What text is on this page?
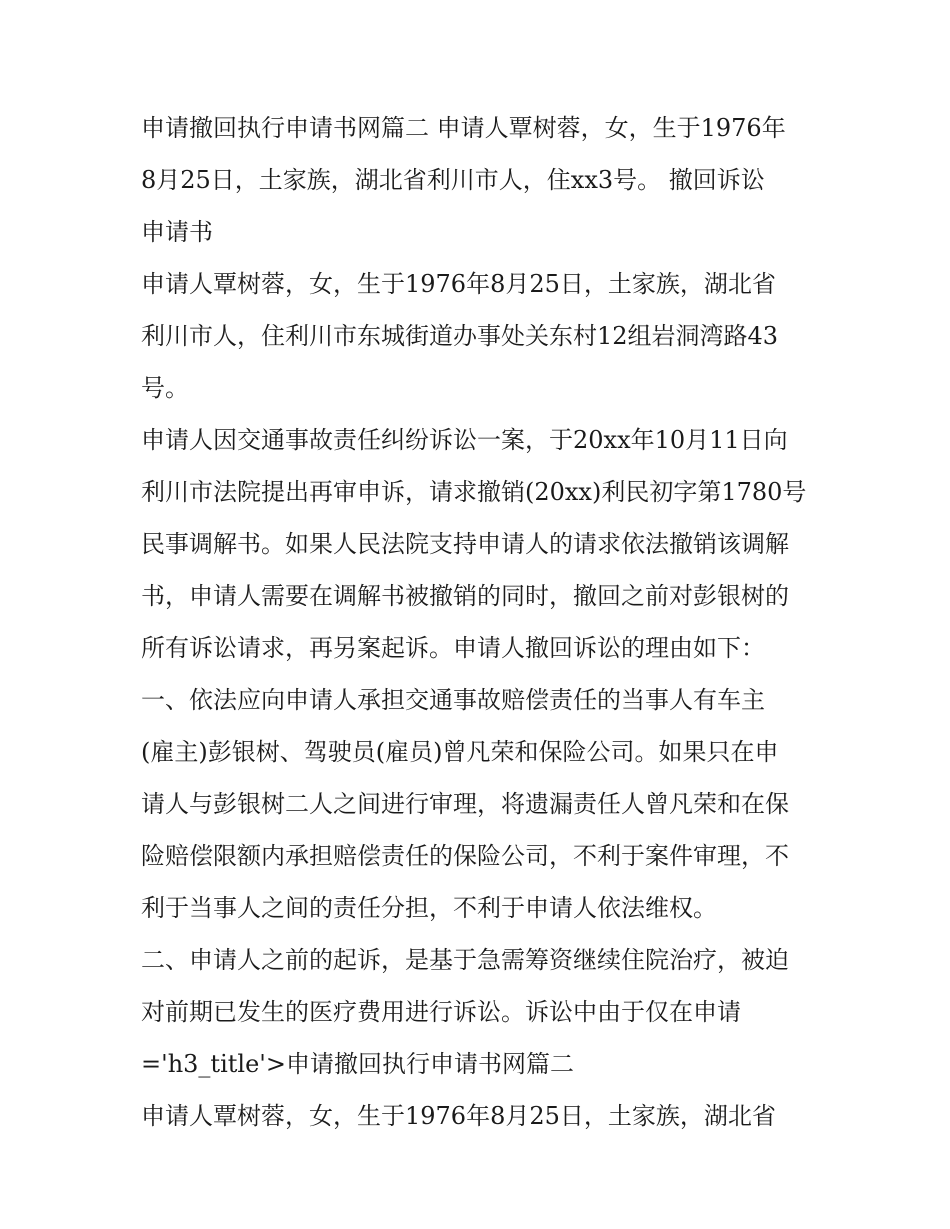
申请撤回执行申请书网篇二 申请人覃树蓉，女，生于1976年
8月25日，土家族，湖北省利川市人，住xx3号。 撤回诉讼
申请书
申请人覃树蓉，女，生于1976年8月25日，土家族，湖北省
利川市人，住利川市东城街道办事处关东村12组岩洞湾路43
号。
申请人因交通事故责任纠纷诉讼一案，于20xx年10月11日向
利川市法院提出再审申诉，请求撤销(20xx)利民初字第1780号
民事调解书。如果人民法院支持申请人的请求依法撤销该调解
书，申请人需要在调解书被撤销的同时，撤回之前对彭银树的
所有诉讼请求，再另案起诉。申请人撤回诉讼的理由如下：
一、依法应向申请人承担交通事故赔偿责任的当事人有车主
(雇主)彭银树、驾驶员(雇员)曾凡荣和保险公司。如果只在申
请人与彭银树二人之间进行审理，将遗漏责任人曾凡荣和在保
险赔偿限额内承担赔偿责任的保险公司，不利于案件审理，不
利于当事人之间的责任分担，不利于申请人依法维权。
二、申请人之前的起诉，是基于急需筹资继续住院治疗，被迫
对前期已发生的医疗费用进行诉讼。诉讼中由于仅在申请
='h3_title'>申请撤回执行申请书网篇二
申请人覃树蓉，女，生于1976年8月25日，土家族，湖北省
